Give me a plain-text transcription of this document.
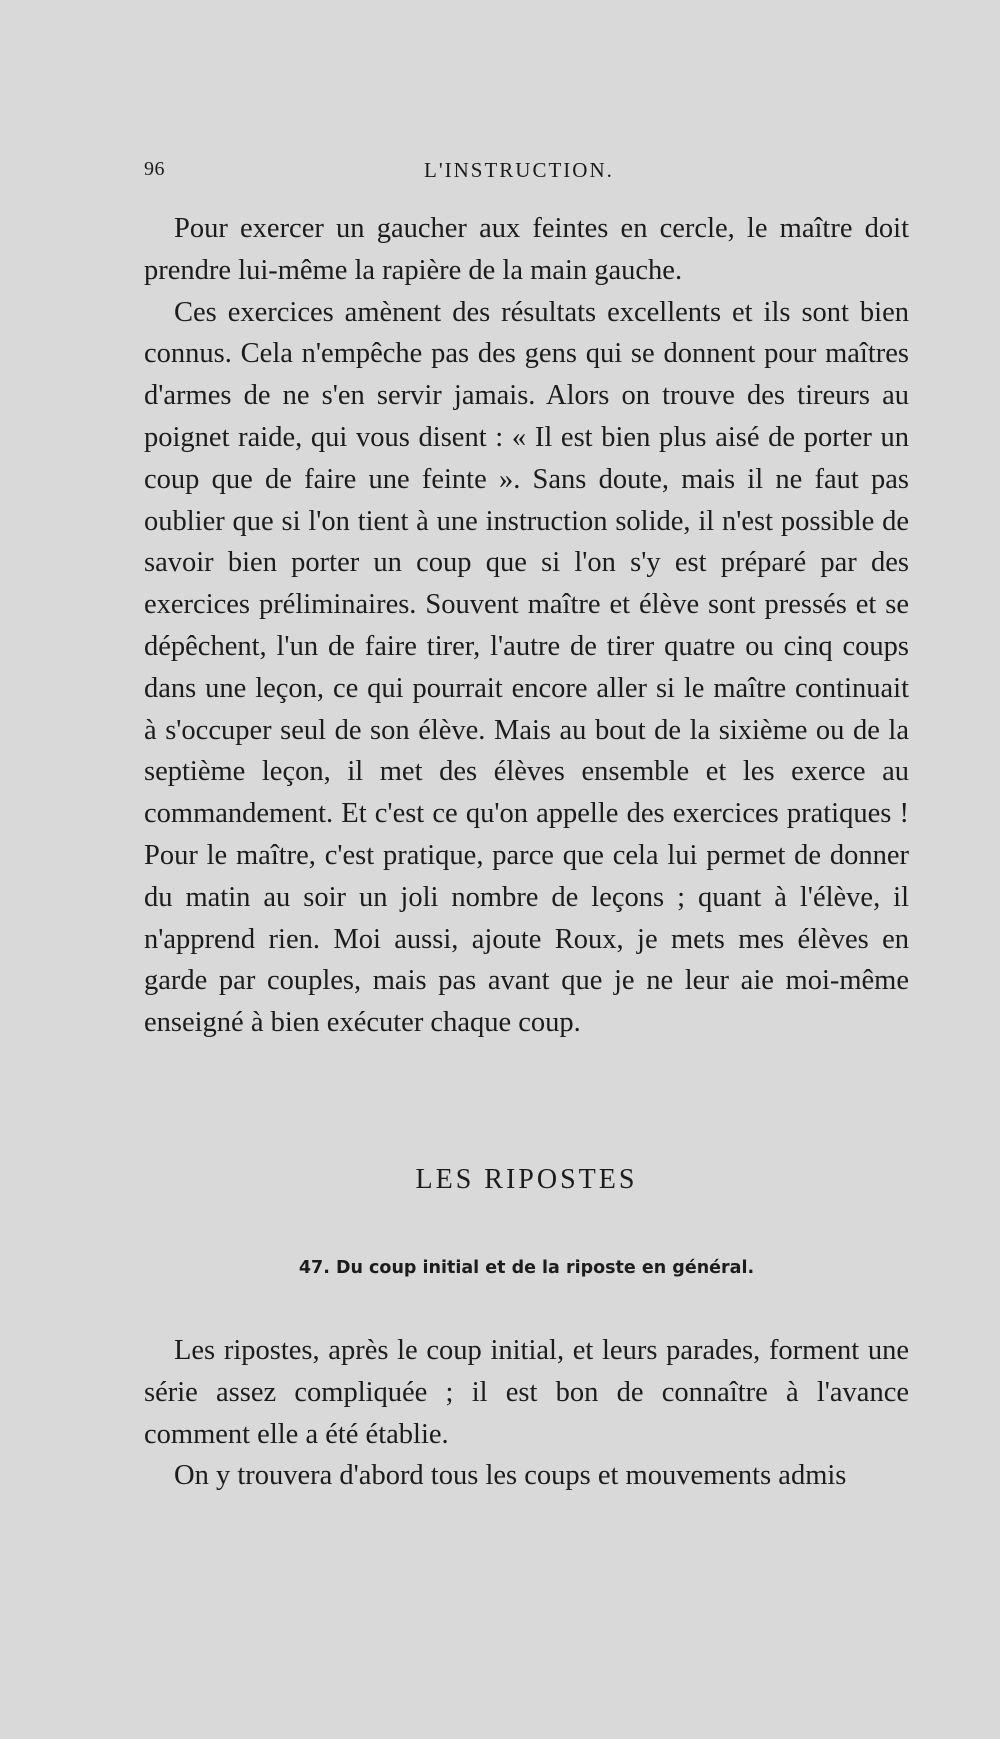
96	L'INSTRUCTION.

Pour exercer un gaucher aux feintes en cercle, le maître doit prendre lui-même la rapière de la main gauche.

Ces exercices amènent des résultats excellents et ils sont bien connus. Cela n'empêche pas des gens qui se donnent pour maîtres d'armes de ne s'en servir jamais. Alors on trouve des tireurs au poignet raide, qui vous disent : « Il est bien plus aisé de porter un coup que de faire une feinte ». Sans doute, mais il ne faut pas oublier que si l'on tient à une instruction solide, il n'est possible de savoir bien porter un coup que si l'on s'y est préparé par des exercices préliminaires. Souvent maître et élève sont pressés et se dépêchent, l'un de faire tirer, l'autre de tirer quatre ou cinq coups dans une leçon, ce qui pourrait encore aller si le maître continuait à s'occuper seul de son élève. Mais au bout de la sixième ou de la septième leçon, il met des élèves ensemble et les exerce au commandement. Et c'est ce qu'on appelle des exercices pratiques ! Pour le maître, c'est pratique, parce que cela lui permet de donner du matin au soir un joli nombre de leçons ; quant à l'élève, il n'apprend rien. Moi aussi, ajoute Roux, je mets mes élèves en garde par couples, mais pas avant que je ne leur aie moi-même enseigné à bien exécuter chaque coup.

LES RIPOSTES
47. Du coup initial et de la riposte en général.

Les ripostes, après le coup initial, et leurs parades, forment une série assez compliquée ; il est bon de connaître à l'avance comment elle a été établie.

On y trouvera d'abord tous les coups et mouvements admis
